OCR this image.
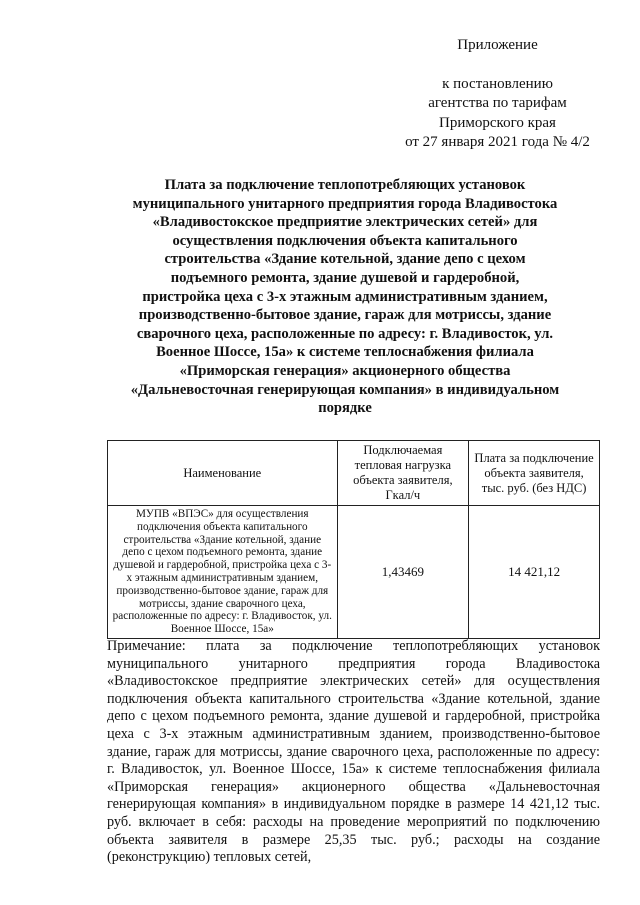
Приложение
к постановлению
агентства по тарифам
Приморского края
от 27 января 2021 года № 4/2
Плата за подключение теплопотребляющих установок муниципального унитарного предприятия города Владивостока «Владивостокское предприятие электрических сетей» для осуществления подключения объекта капитального строительства «Здание котельной, здание депо с цехом подъемного ремонта, здание душевой и гардеробной, пристройка цеха с 3-х этажным административным зданием, производственно-бытовое здание, гараж для мотриссы, здание сварочного цеха, расположенные по адресу: г. Владивосток, ул. Военное Шоссе, 15а» к системе теплоснабжения филиала «Приморская генерация» акционерного общества «Дальневосточная генерирующая компания» в индивидуальном порядке
Наименование	Подключаемая тепловая нагрузка объекта заявителя, Гкал/ч	Плата за подключение объекта заявителя, тыс. руб. (без НДС)
МУПВ «ВПЭС» для осуществления подключения объекта капитального строительства «Здание котельной, здание депо с цехом подъемного ремонта, здание душевой и гардеробной, пристройка цеха с 3-х этажным административным зданием, производственно-бытовое здание, гараж для мотриссы, здание сварочного цеха, расположенные по адресу: г. Владивосток, ул. Военное Шоссе, 15а»	1,43469	14 421,12
Примечание: плата за подключение теплопотребляющих установок муниципального унитарного предприятия города Владивостока «Владивостокское предприятие электрических сетей» для осуществления подключения объекта капитального строительства «Здание котельной, здание депо с цехом подъемного ремонта, здание душевой и гардеробной, пристройка цеха с 3-х этажным административным зданием, производственно-бытовое здание, гараж для мотриссы, здание сварочного цеха, расположенные по адресу: г. Владивосток, ул. Военное Шоссе, 15а» к системе теплоснабжения филиала «Приморская генерация» акционерного общества «Дальневосточная генерирующая компания» в индивидуальном порядке в размере 14 421,12 тыс. руб. включает в себя: расходы на проведение мероприятий по подключению объекта заявителя в размере 25,35 тыс. руб.; расходы на создание (реконструкцию) тепловых сетей,
